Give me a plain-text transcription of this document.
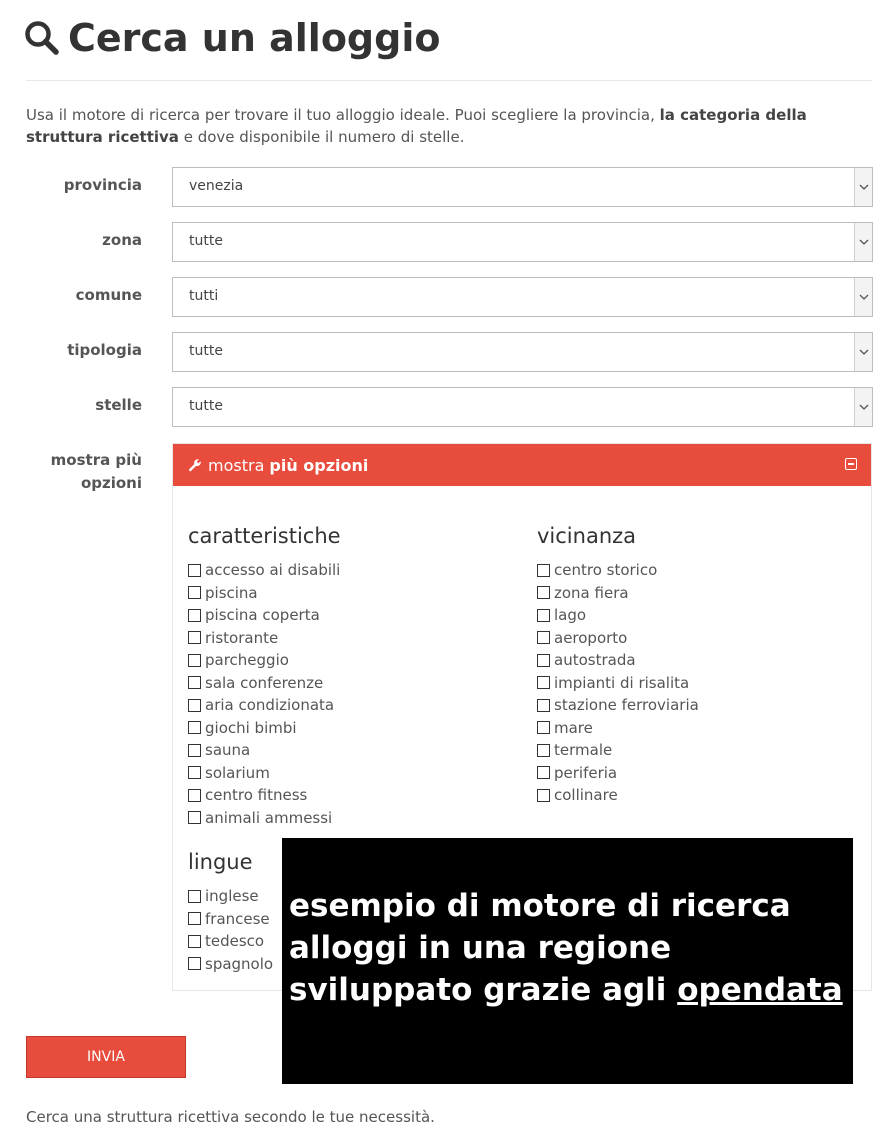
Cerca un alloggio

Usa il motore di ricerca per trovare il tuo alloggio ideale. Puoi scegliere la provincia, la categoria della struttura ricettiva e dove disponibile il numero di stelle.

provincia	venezia
zona	tutte
comune	tutti
tipologia	tutte
stelle	tutte
mostra più
opzioni
mostra più opzioni
caratteristiche
accesso ai disabili
piscina
piscina coperta
ristorante
parcheggio
sala conferenze
aria condizionata
giochi bimbi
sauna
solarium
centro fitness
animali ammessi
vicinanza
centro storico
zona fiera
lago
aeroporto
autostrada
impianti di risalita
stazione ferroviaria
mare
termale
periferia
collinare
lingue
inglese
francese
tedesco
spagnolo
INVIA
Cerca una struttura ricettiva secondo le tue necessità.
esempio di motore di ricerca
alloggi in una regione
sviluppato grazie agli opendata
